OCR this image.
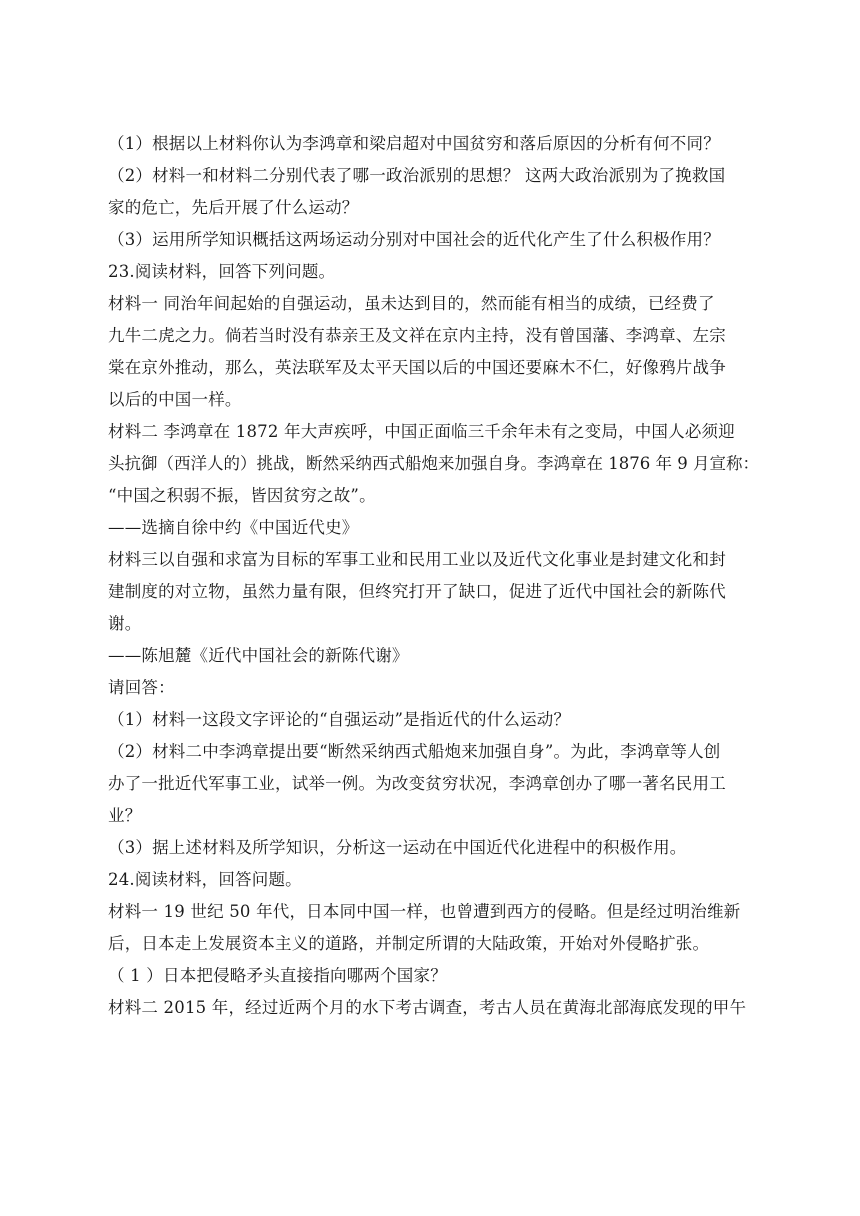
（1）根据以上材料你认为李鸿章和梁启超对中国贫穷和落后原因的分析有何不同？
（2）材料一和材料二分别代表了哪一政治派别的思想？ 这两大政治派别为了挽救国
家的危亡，先后开展了什么运动？
（3）运用所学知识概括这两场运动分别对中国社会的近代化产生了什么积极作用？
23.阅读材料，回答下列问题。
材料一 同治年间起始的自强运动，虽未达到目的，然而能有相当的成绩，已经费了
九牛二虎之力。倘若当时没有恭亲王及文祥在京内主持，没有曾国藩、李鸿章、左宗
棠在京外推动，那么，英法联军及太平天国以后的中国还要麻木不仁，好像鸦片战争
以后的中国一样。
材料二 李鸿章在 1872 年大声疾呼，中国正面临三千余年未有之变局，中国人必须迎
头抗御（西洋人的）挑战，断然采纳西式船炮来加强自身。李鸿章在 1876 年 9 月宣称：
“中国之积弱不振，皆因贫穷之故”。
——选摘自徐中约《中国近代史》
材料三以自强和求富为目标的军事工业和民用工业以及近代文化事业是封建文化和封
建制度的对立物，虽然力量有限，但终究打开了缺口，促进了近代中国社会的新陈代
谢。
——陈旭麓《近代中国社会的新陈代谢》
请回答：
（1）材料一这段文字评论的“自强运动”是指近代的什么运动？
（2）材料二中李鸿章提出要“断然采纳西式船炮来加强自身”。为此，李鸿章等人创
办了一批近代军事工业，试举一例。为改变贫穷状况，李鸿章创办了哪一著名民用工
业？
（3）据上述材料及所学知识，分析这一运动在中国近代化进程中的积极作用。
24.阅读材料，回答问题。
材料一 19 世纪 50 年代，日本同中国一样，也曾遭到西方的侵略。但是经过明治维新
后，日本走上发展资本主义的道路，并制定所谓的大陆政策，开始对外侵略扩张。
（ 1 ）日本把侵略矛头直接指向哪两个国家？
材料二 2015 年，经过近两个月的水下考古调查，考古人员在黄海北部海底发现的甲午
